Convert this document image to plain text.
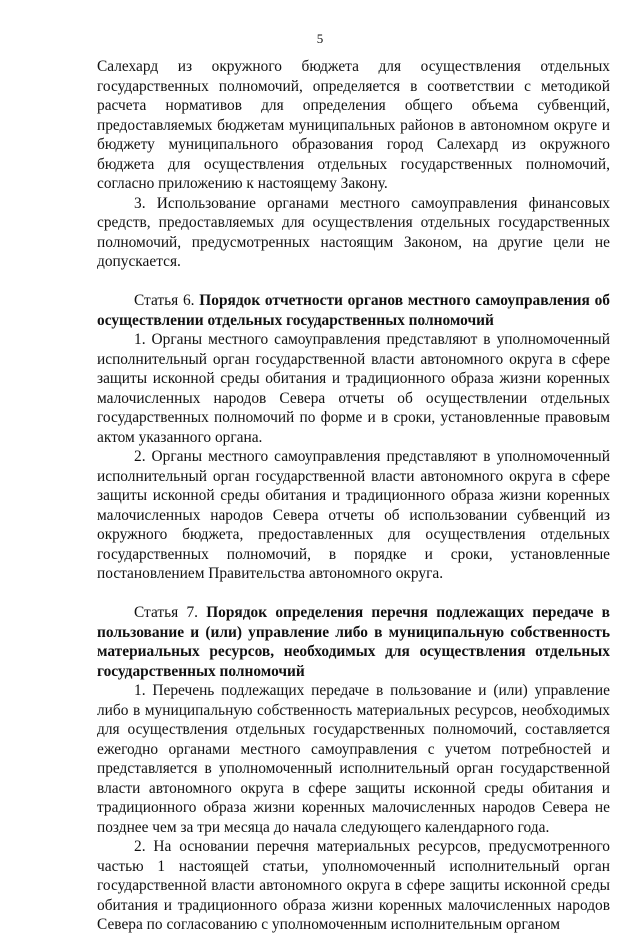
5

Салехард из окружного бюджета для осуществления отдельных государственных полномочий, определяется в соответствии с методикой расчета нормативов для определения общего объема субвенций, предоставляемых бюджетам муниципальных районов в автономном округе и бюджету муниципального образования город Салехард из окружного бюджета для осуществления отдельных государственных полномочий, согласно приложению к настоящему Закону.

3. Использование органами местного самоуправления финансовых средств, предоставляемых для осуществления отдельных государственных полномочий, предусмотренных настоящим Законом, на другие цели не допускается.

Статья 6. Порядок отчетности органов местного самоуправления об осуществлении отдельных государственных полномочий

1. Органы местного самоуправления представляют в уполномоченный исполнительный орган государственной власти автономного округа в сфере защиты исконной среды обитания и традиционного образа жизни коренных малочисленных народов Севера отчеты об осуществлении отдельных государственных полномочий по форме и в сроки, установленные правовым актом указанного органа.

2. Органы местного самоуправления представляют в уполномоченный исполнительный орган государственной власти автономного округа в сфере защиты исконной среды обитания и традиционного образа жизни коренных малочисленных народов Севера отчеты об использовании субвенций из окружного бюджета, предоставленных для осуществления отдельных государственных полномочий, в порядке и сроки, установленные постановлением Правительства автономного округа.

Статья 7. Порядок определения перечня подлежащих передаче в пользование и (или) управление либо в муниципальную собственность материальных ресурсов, необходимых для осуществления отдельных государственных полномочий

1. Перечень подлежащих передаче в пользование и (или) управление либо в муниципальную собственность материальных ресурсов, необходимых для осуществления отдельных государственных полномочий, составляется ежегодно органами местного самоуправления с учетом потребностей и представляется в уполномоченный исполнительный орган государственной власти автономного округа в сфере защиты исконной среды обитания и традиционного образа жизни коренных малочисленных народов Севера не позднее чем за три месяца до начала следующего календарного года.

2. На основании перечня материальных ресурсов, предусмотренного частью 1 настоящей статьи, уполномоченный исполнительный орган государственной власти автономного округа в сфере защиты исконной среды обитания и традиционного образа жизни коренных малочисленных народов Севера по согласованию с уполномоченным исполнительным органом
